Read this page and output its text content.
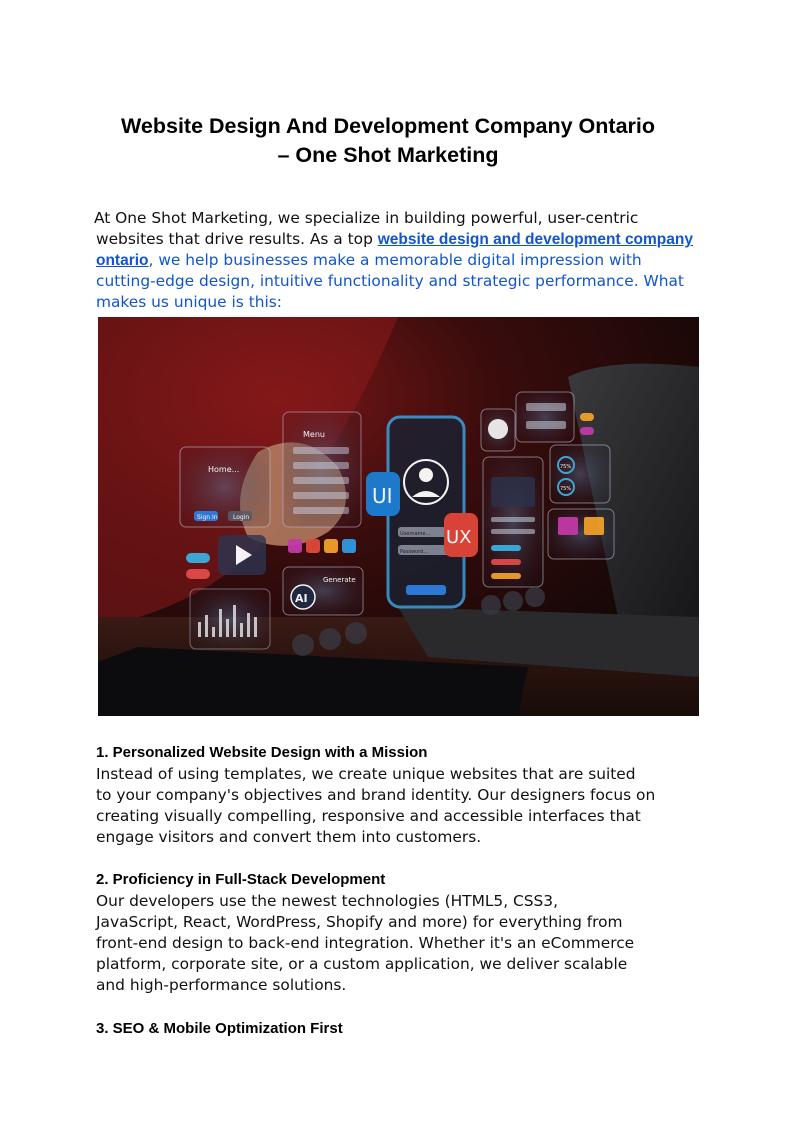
Website Design And Development Company Ontario
– One Shot Marketing

At One Shot Marketing, we specialize in building powerful, user-centric websites that drive results. As a top website design and development company ontario, we help businesses make a memorable digital impression with cutting-edge design, intuitive functionality and strategic performance. What makes us unique is this:

Home...
Sign In	Login
Menu
AI
Generate
Username...
Password...
UI
UX
75%
75%
1. Personalized Website Design with a Mission

Instead of using templates, we create unique websites that are suited
to your company's objectives and brand identity. Our designers focus on
creating visually compelling, responsive and accessible interfaces that
engage visitors and convert them into customers.

2. Proficiency in Full-Stack Development

Our developers use the newest technologies (HTML5, CSS3,
JavaScript, React, WordPress, Shopify and more) for everything from
front-end design to back-end integration. Whether it's an eCommerce
platform, corporate site, or a custom application, we deliver scalable
and high-performance solutions.

3. SEO & Mobile Optimization First
